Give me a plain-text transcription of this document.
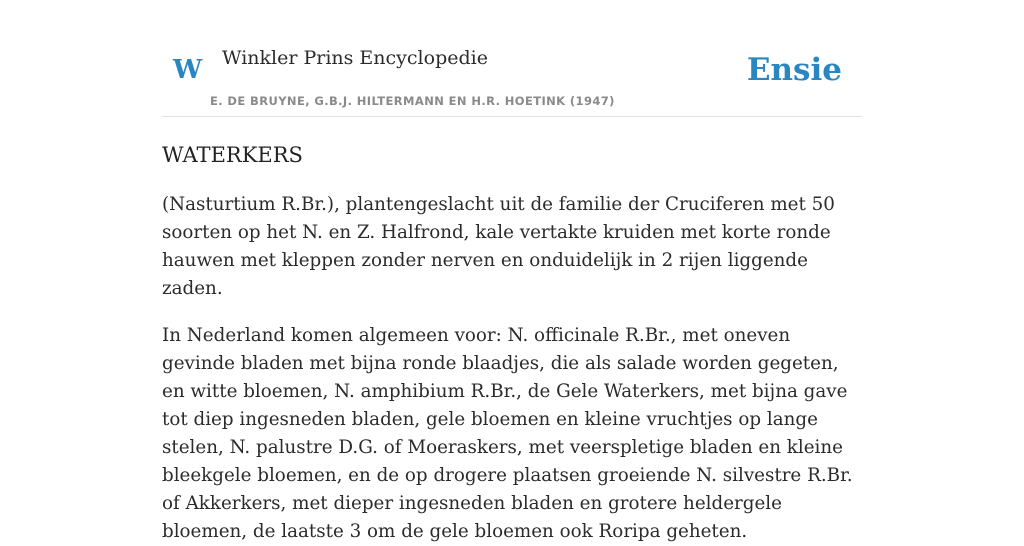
W Winkler Prins Encyclopedie
E. DE BRUYNE, G.B.J. HILTERMANN EN H.R. HOETINK (1947)
Ensie
WATERKERS

(Nasturtium R.Br.), plantengeslacht uit de familie der Cruciferen met 50 soorten op het N. en Z. Halfrond, kale vertakte kruiden met korte ronde hauwen met kleppen zonder nerven en onduidelijk in 2 rijen liggende zaden.

In Nederland komen algemeen voor: N. officinale R.Br., met oneven gevinde bladen met bijna ronde blaadjes, die als salade worden gegeten, en witte bloemen, N. amphibium R.Br., de Gele Waterkers, met bijna gave tot diep ingesneden bladen, gele bloemen en kleine vruchtjes op lange stelen, N. palustre D.G. of Moeraskers, met veerspletige bladen en kleine bleekgele bloemen, en de op drogere plaatsen groeiende N. silvestre R.Br. of Akkerkers, met dieper ingesneden bladen en grotere heldergele bloemen, de laatste 3 om de gele bloemen ook Roripa geheten.
